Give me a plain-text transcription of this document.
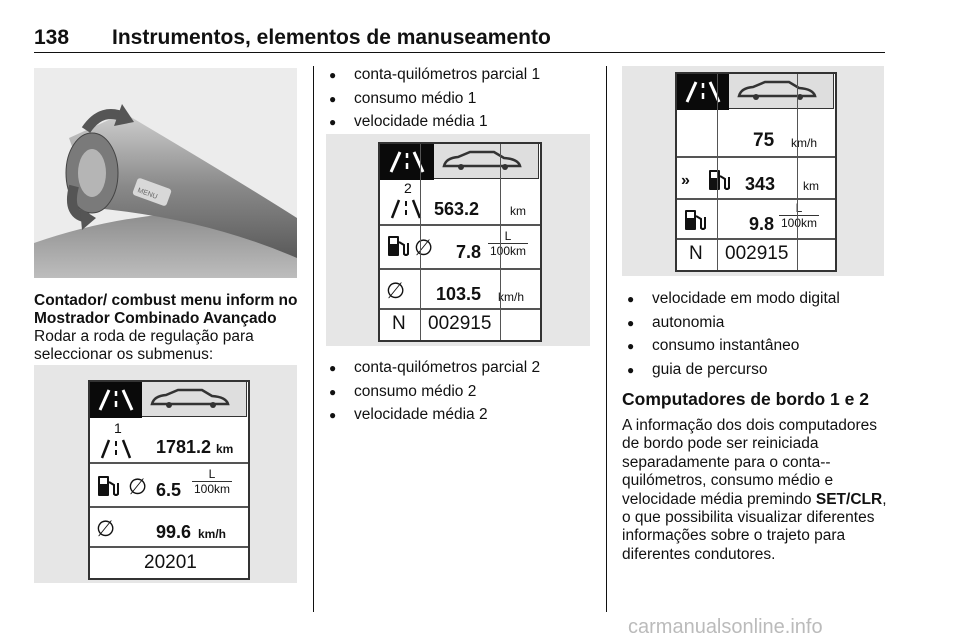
138 Instrumentos, elementos de manuseamento
MENU
Contador/ combust menu inform no Mostrador Combinado Avançado
Rodar a roda de regulação para seleccionar os submenus:
1
1781.2 km
∅ $6.5 \frac{L}{100km}$
∅ 99.6 km/h
20201
● conta-quilómetros parcial 1
● consumo médio 1
● velocidade média 1
2
563.2	km
∅ $7.8 \frac{L}{100km}$
∅ 103.5 km/h
N 002915
● conta-quilómetros parcial 2
● consumo médio 2
● velocidade média 2
75 km/h
»	343 km
$9.8 \frac{L}{100km}$
N 002915
● velocidade em modo digital
● autonomia
● consumo instantâneo
● guia de percurso
Computadores de bordo 1 e 2
A informação dos dois computadores de bordo pode ser reiniciada separadamente para o conta--quilómetros, consumo médio e velocidade média premindo SET/CLR, o que possibilita visualizar diferentes informações sobre o trajeto para diferentes condutores.
carmanualsonline.info
